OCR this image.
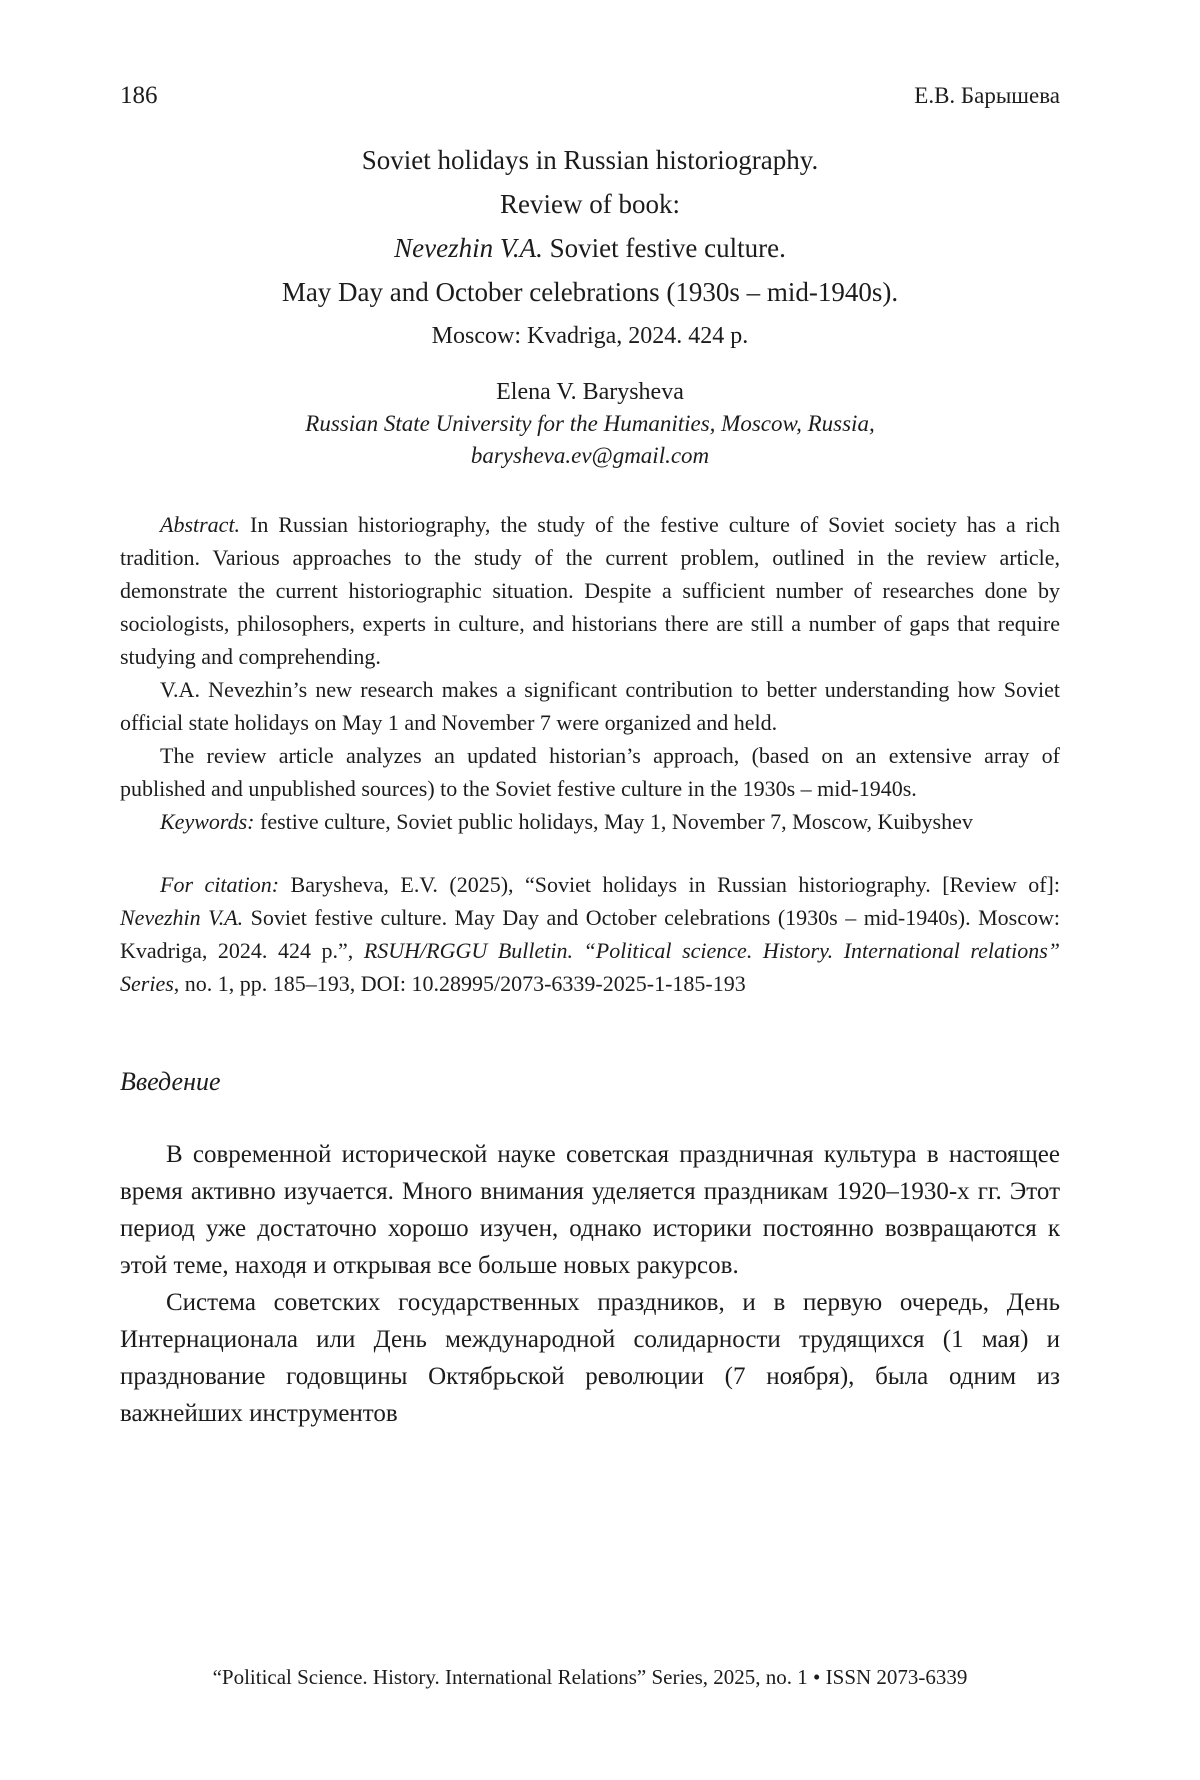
186	Е.В. Барышева
Soviet holidays in Russian historiography.
Review of book:
Nevezhin V.A. Soviet festive culture.
May Day and October celebrations (1930s – mid-1940s).
Moscow: Kvadriga, 2024. 424 p.
Elena V. Barysheva
Russian State University for the Humanities, Moscow, Russia,
barysheva.ev@gmail.com

Abstract. In Russian historiography, the study of the festive culture of Soviet society has a rich tradition. Various approaches to the study of the current problem, outlined in the review article, demonstrate the current historiographic situation. Despite a sufficient number of researches done by sociologists, philosophers, experts in culture, and historians there are still a number of gaps that require studying and comprehending.

V.A. Nevezhin’s new research makes a significant contribution to better understanding how Soviet official state holidays on May 1 and November 7 were organized and held.

The review article analyzes an updated historian’s approach, (based on an extensive array of published and unpublished sources) to the Soviet festive culture in the 1930s – mid-1940s.

Keywords: festive culture, Soviet public holidays, May 1, November 7, Moscow, Kuibyshev

For citation: Barysheva, E.V. (2025), “Soviet holidays in Russian historiography. [Review of]: Nevezhin V.A. Soviet festive culture. May Day and October celebrations (1930s – mid-1940s). Moscow: Kvadriga, 2024. 424 p.”, RSUH/RGGU Bulletin. “Political science. History. International relations” Series, no. 1, pp. 185–193, DOI: 10.28995/2073-6339-2025-1-185-193

Введение

В современной исторической науке советская праздничная культура в настоящее время активно изучается. Много внимания уделяется праздникам 1920–1930-х гг. Этот период уже достаточно хорошо изучен, однако историки постоянно возвращаются к этой теме, находя и открывая все больше новых ракурсов.

Система советских государственных праздников, и в первую очередь, День Интернационала или День международной солидарности трудящихся (1 мая) и празднование годовщины Октябрьской революции (7 ноября), была одним из важнейших инструментов

“Political Science. History. International Relations” Series, 2025, no. 1 • ISSN 2073-6339
